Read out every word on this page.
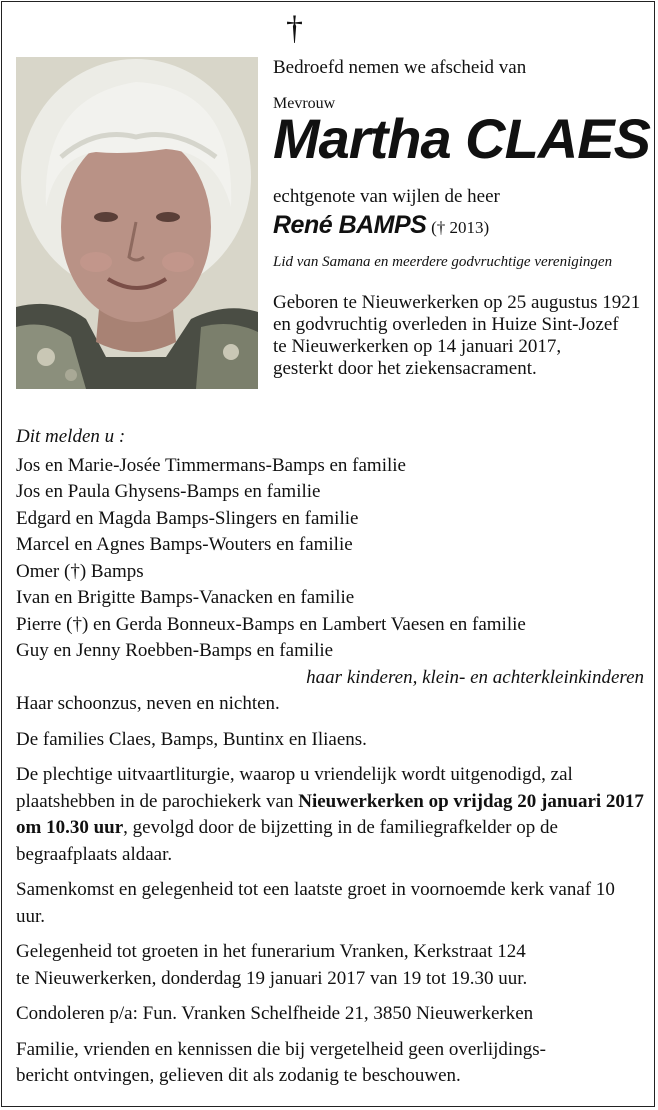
†
Bedroefd nemen we afscheid van
Mevrouw
Martha CLAES
echtgenote van wijlen de heer
René BAMPS († 2013)
Lid van Samana en meerdere godvruchtige verenigingen
Geboren te Nieuwerkerken op 25 augustus 1921
en godvruchtig overleden in Huize Sint-Jozef
te Nieuwerkerken op 14 januari 2017,
gesterkt door het ziekensacrament.
Dit melden u :
Jos en Marie-Josée Timmermans-Bamps en familie
Jos en Paula Ghysens-Bamps en familie
Edgard en Magda Bamps-Slingers en familie
Marcel en Agnes Bamps-Wouters en familie
Omer (†) Bamps
Ivan en Brigitte Bamps-Vanacken en familie
Pierre (†) en Gerda Bonneux-Bamps en Lambert Vaesen en familie
Guy en Jenny Roebben-Bamps en familie
haar kinderen, klein- en achterkleinkinderen
Haar schoonzus, neven en nichten.
De families Claes, Bamps, Buntinx en Iliaens.

De plechtige uitvaartliturgie, waarop u vriendelijk wordt uitgenodigd, zal plaatshebben in de parochiekerk van Nieuwerkerken op vrijdag 20 januari 2017 om 10.30 uur, gevolgd door de bijzetting in de familiegrafkelder op de begraafplaats aldaar.

Samenkomst en gelegenheid tot een laatste groet in voornoemde kerk vanaf 10 uur.

Gelegenheid tot groeten in het funerarium Vranken, Kerkstraat 124
te Nieuwerkerken, donderdag 19 januari 2017 van 19 tot 19.30 uur.

Condoleren p/a: Fun. Vranken Schelfheide 21, 3850 Nieuwerkerken

Familie, vrienden en kennissen die bij vergetelheid geen overlijdings-
bericht ontvingen, gelieven dit als zodanig te beschouwen.
